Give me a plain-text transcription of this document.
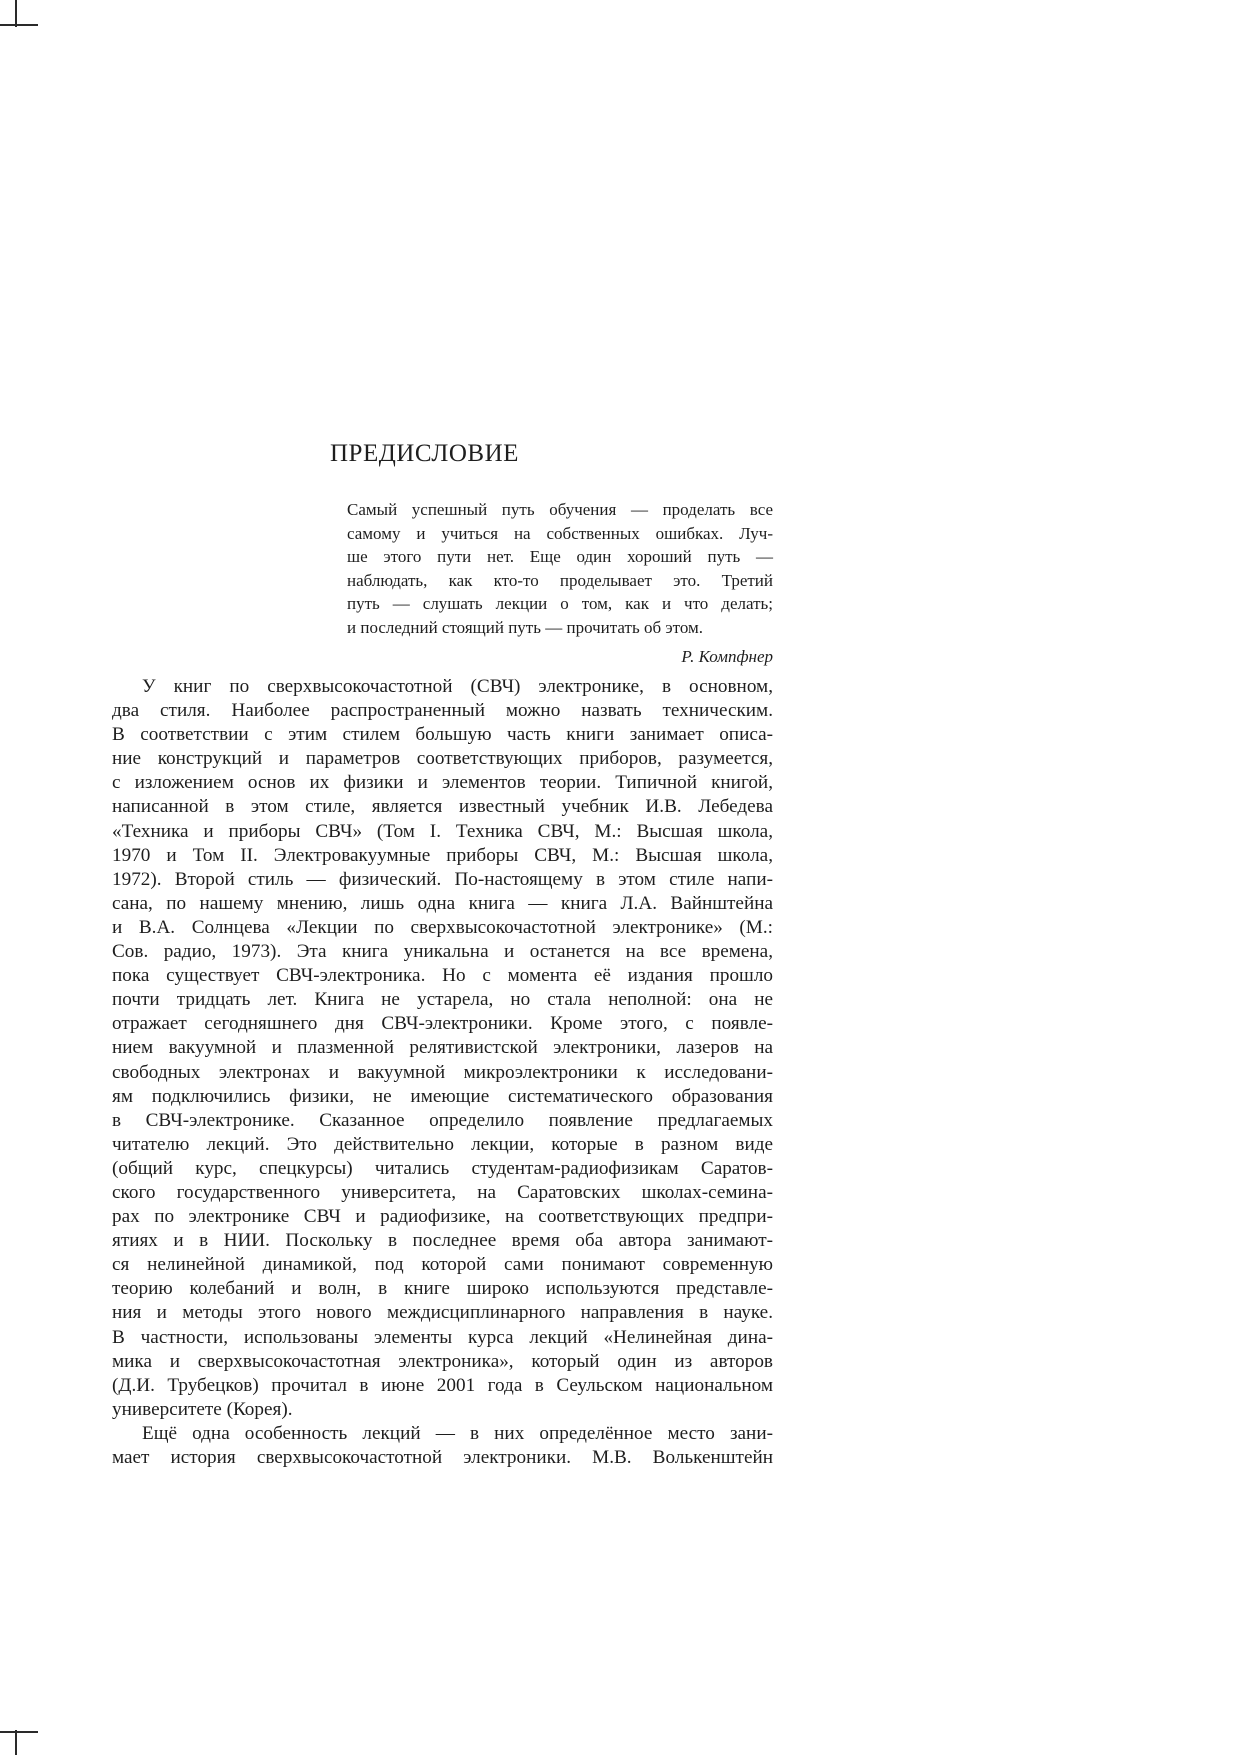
ПРЕДИСЛОВИЕ
Самый успешный путь обучения — проделать все
самому и учиться на собственных ошибках. Луч-
ше этого пути нет. Еще один хороший путь —
наблюдать, как кто-то проделывает это. Третий
путь — слушать лекции о том, как и что делать;
и последний стоящий путь — прочитать об этом.
Р. Компфнер
У книг по сверхвысокочастотной (СВЧ) электронике, в основном,
два стиля. Наиболее распространенный можно назвать техническим.
В соответствии с этим стилем большую часть книги занимает описа-
ние конструкций и параметров соответствующих приборов, разумеется,
с изложением основ их физики и элементов теории. Типичной книгой,
написанной в этом стиле, является известный учебник И.В. Лебедева
«Техника и приборы СВЧ» (Том I. Техника СВЧ, М.: Высшая школа,
1970 и Том II. Электровакуумные приборы СВЧ, М.: Высшая школа,
1972). Второй стиль — физический. По-настоящему в этом стиле напи-
сана, по нашему мнению, лишь одна книга — книга Л.А. Вайнштейна
и В.А. Солнцева «Лекции по сверхвысокочастотной электронике» (М.:
Сов. радио, 1973). Эта книга уникальна и останется на все времена,
пока существует СВЧ-электроника. Но с момента её издания прошло
почти тридцать лет. Книга не устарела, но стала неполной: она не
отражает сегодняшнего дня СВЧ-электроники. Кроме этого, с появле-
нием вакуумной и плазменной релятивистской электроники, лазеров на
свободных электронах и вакуумной микроэлектроники к исследовани-
ям подключились физики, не имеющие систематического образования
в СВЧ-электронике. Сказанное определило появление предлагаемых
читателю лекций. Это действительно лекции, которые в разном виде
(общий курс, спецкурсы) читались студентам-радиофизикам Саратов-
ского государственного университета, на Саратовских школах-семина-
рах по электронике СВЧ и радиофизике, на соответствующих предпри-
ятиях и в НИИ. Поскольку в последнее время оба автора занимают-
ся нелинейной динамикой, под которой сами понимают современную
теорию колебаний и волн, в книге широко используются представле-
ния и методы этого нового междисциплинарного направления в науке.
В частности, использованы элементы курса лекций «Нелинейная дина-
мика и сверхвысокочастотная электроника», который один из авторов
(Д.И. Трубецков) прочитал в июне 2001 года в Сеульском национальном
университете (Корея).
Ещё одна особенность лекций — в них определённое место зани-
мает история сверхвысокочастотной электроники. М.В. Волькенштейн
